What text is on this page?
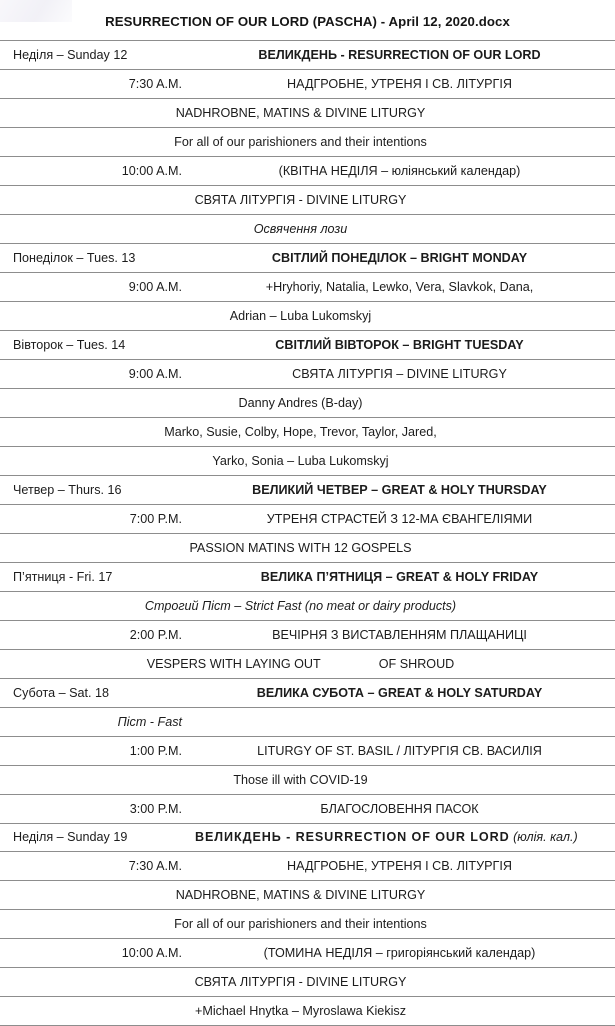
RESURRECTION OF OUR LORD (PASCHA) - April 12, 2020.docx
Неділя – Sunday 12	ВЕЛИКДЕНЬ - RESURRECTION OF OUR LORD

7:30 A.M.	НАДГРОБНЕ, УТРЕНЯ І СВ. ЛІТУРГІЯ

NADHROBNE, MATINS & DIVINE LITURGY

For all of our parishioners and their intentions

10:00 A.M.	(КВІТНА НЕДІЛЯ – юліянський календар)

СВЯТА ЛІТУРГІЯ - DIVINE LITURGY

Освячення лози

Понеділок – Tues. 13	СВІТЛИЙ ПОНЕДІЛОК – BRIGHT MONDAY

9:00 A.M.	+Hryhoriy, Natalia, Lewko, Vera, Slavkok, Dana,

Adrian – Luba Lukomskyj

Вівторок – Tues. 14	СВІТЛИЙ ВІВТОРОК – BRIGHT TUESDAY

9:00 A.M.	СВЯТА ЛІТУРГІЯ – DIVINE LITURGY

Danny Andres (B-day)

Marko, Susie, Colby, Hope, Trevor, Taylor, Jared,

Yarko, Sonia – Luba Lukomskyj

Четвер – Thurs. 16	ВЕЛИКИЙ ЧЕТВЕР – GREAT & HOLY THURSDAY

7:00 P.M.	УТРЕНЯ СТРАСТЕЙ З 12-МА ЄВАНГЕЛІЯМИ

PASSION MATINS WITH 12 GOSPELS

П’ятниця - Fri. 17	ВЕЛИКА П’ЯТНИЦЯ – GREAT & HOLY FRIDAY

Строгий Піст – Strict Fast (no meat or dairy products)

2:00 P.M.	ВЕЧІРНЯ З ВИСТАВЛЕННЯМ ПЛАЩАНИЦІ

VESPERS WITH LAYING OUT	OF SHROUD

Субота – Sat. 18	ВЕЛИКА СУБОТА – GREAT & HOLY SATURDAY

Піст - Fast

1:00 P.M.	LITURGY OF ST. BASIL / ЛІТУРГІЯ СВ. ВАСИЛІЯ

Those ill with COVID-19

3:00 P.M.	БЛАГОСЛОВЕННЯ ПАСОК

Неділя – Sunday 19	ВЕЛИКДЕНЬ - RESURRECTION OF OUR LORD (юлія. кал.)

7:30 A.M.	НАДГРОБНЕ, УТРЕНЯ І СВ. ЛІТУРГІЯ

NADHROBNE, MATINS & DIVINE LITURGY

For all of our parishioners and their intentions

10:00 A.M.	(ТОМИНА НЕДІЛЯ – григоріянський календар)

СВЯТА ЛІТУРГІЯ - DIVINE LITURGY

+Michael Hnytka – Myroslawa Kiekisz
